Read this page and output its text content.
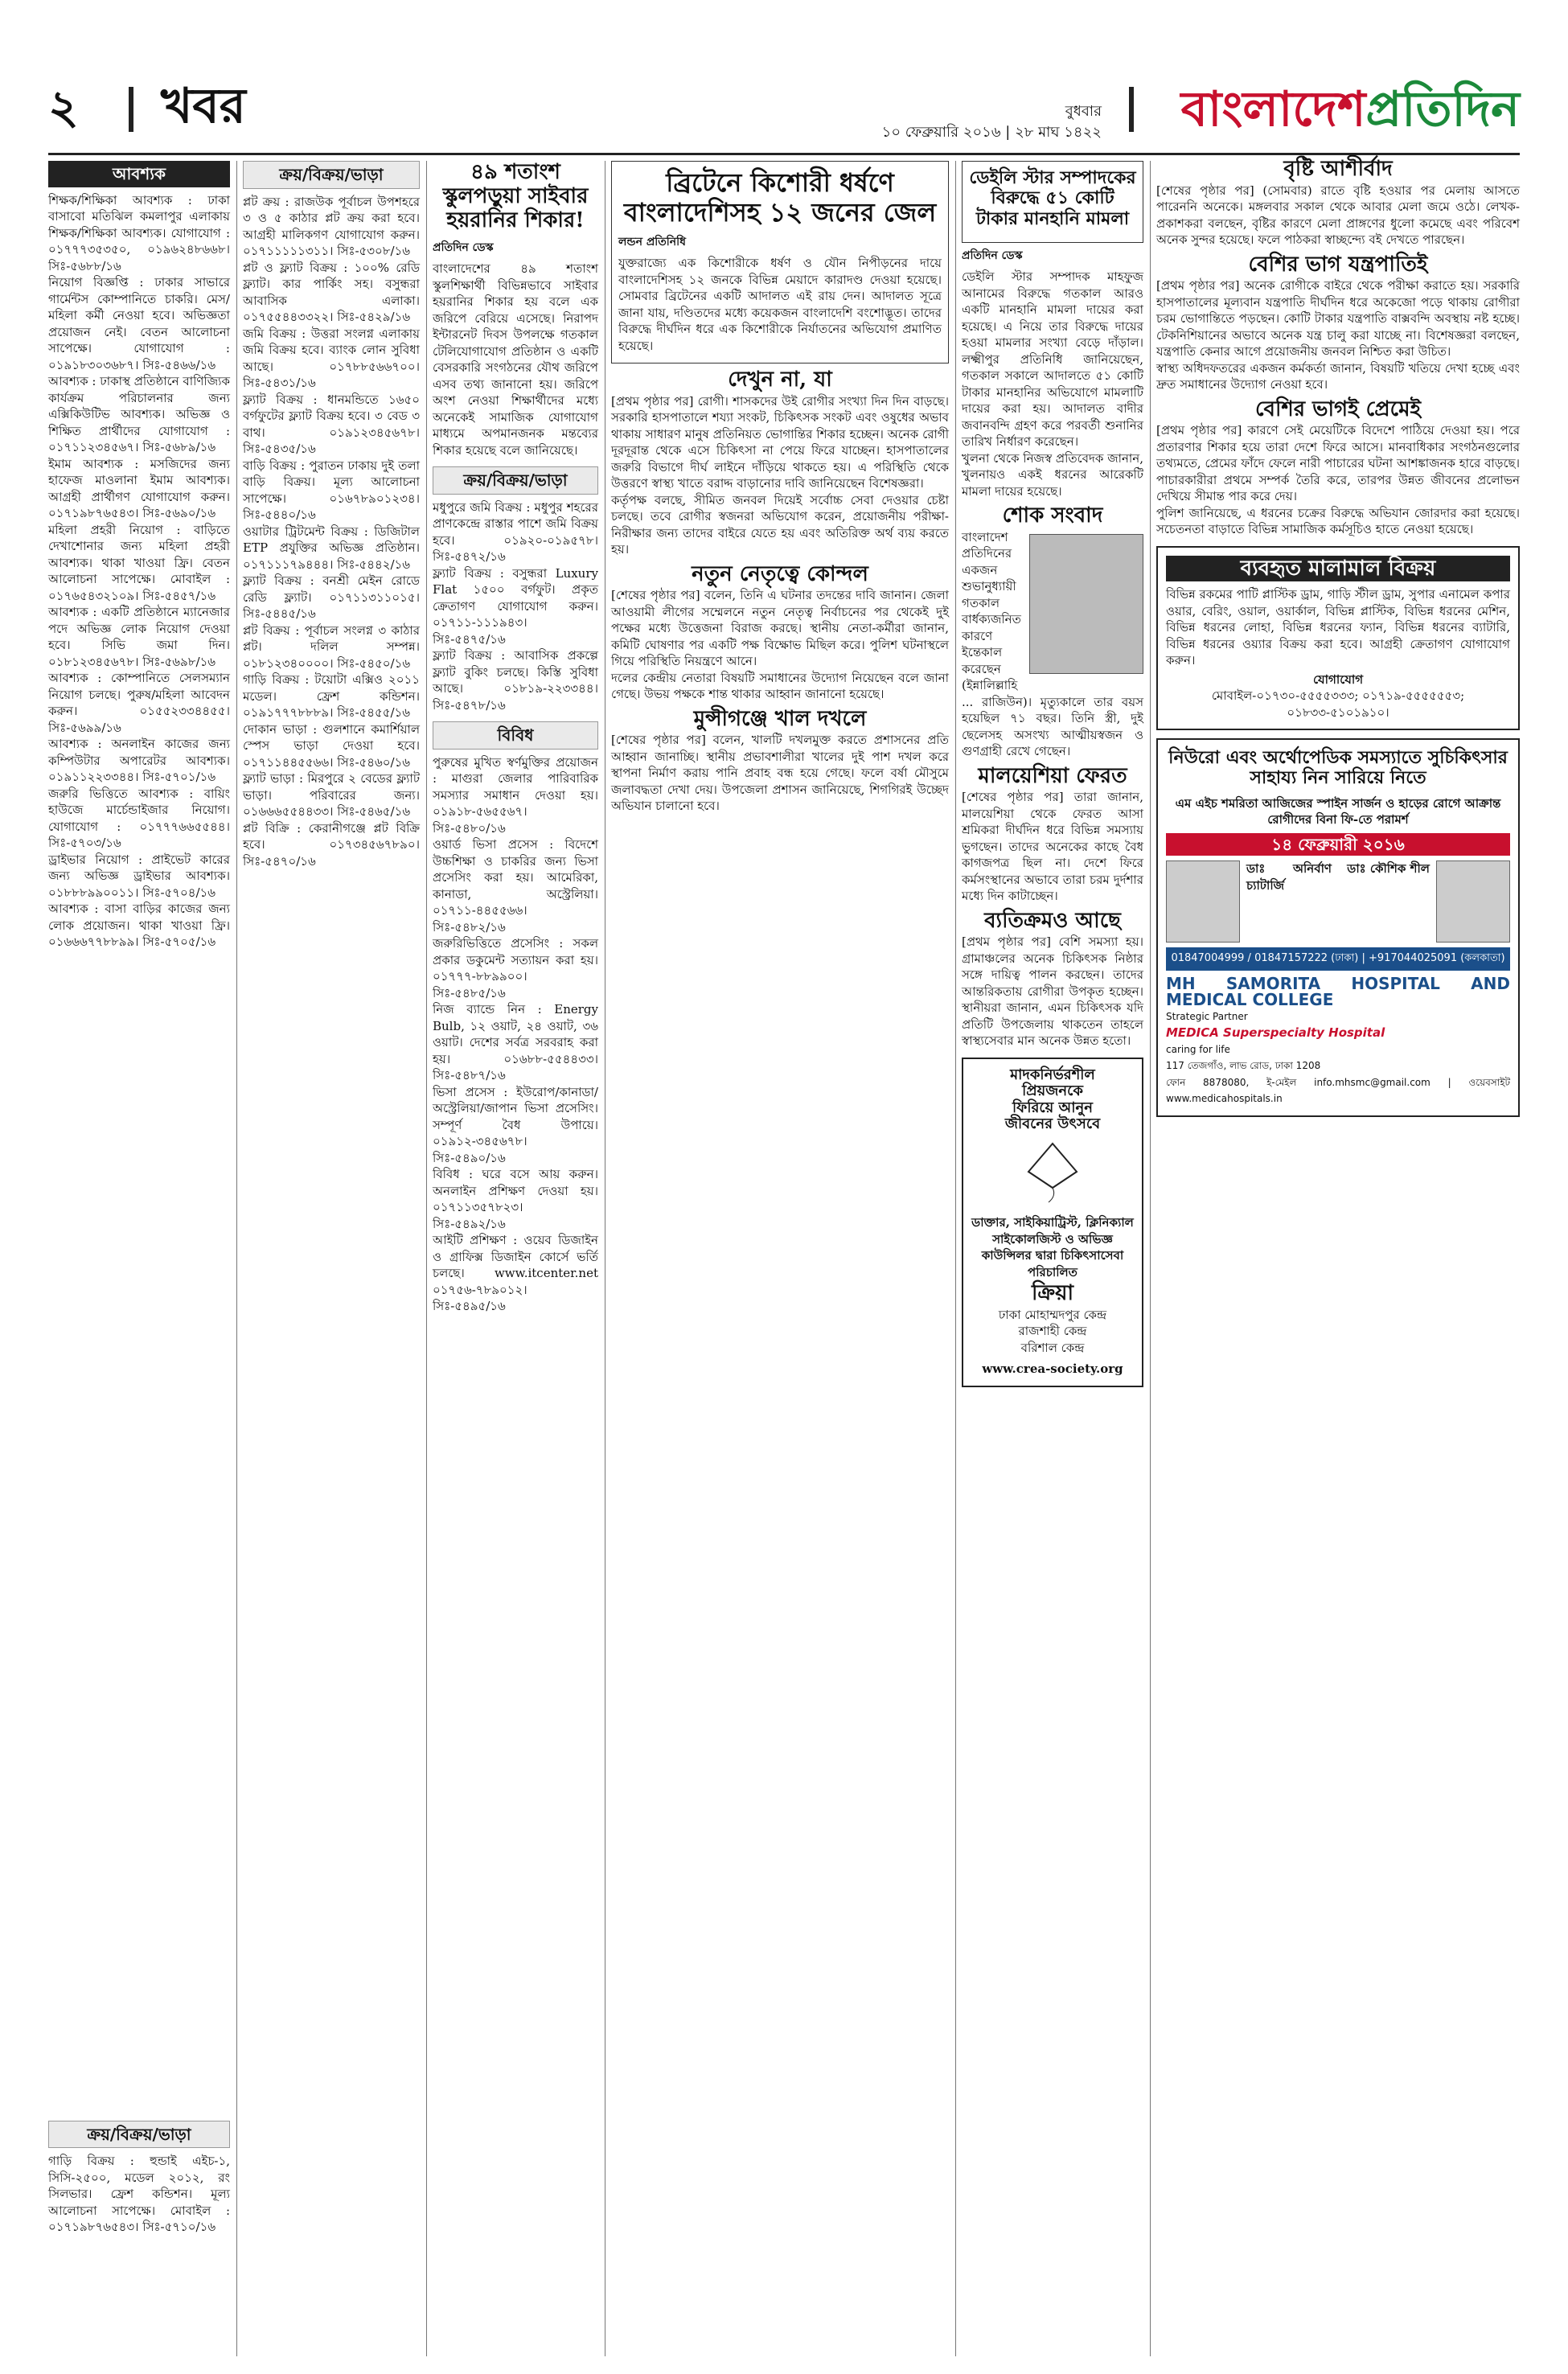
২ খবর	বুধবার
১০ ফেব্রুয়ারি ২০১৬ | ২৮ মাঘ ১৪২২ বাংলাদেশপ্রতিদিন
আবশ্যক
শিক্ষক/শিক্ষিকা আবশ্যক : ঢাকা বাসাবো মতিঝিল কমলাপুর এলাকায় শিক্ষক/শিক্ষিকা আবশ্যক। যোগাযোগ : ০১৭৭৭৩৫৩৫০, ০১৯৬২৪৮৬৬৮। সিঃ-৫৬৮৮/১৬
নিয়োগ বিজ্ঞপ্তি : ঢাকার সাভারে গার্মেন্টস কোম্পানিতে চাকরি। মেস/মহিলা কর্মী নেওয়া হবে। অভিজ্ঞতা প্রয়োজন নেই। বেতন আলোচনা সাপেক্ষে। যোগাযোগ : ০১৯১৮৩০৩৬৮৭। সিঃ-৫৪৬৬/১৬
আবশ্যক : ঢাকাস্থ প্রতিষ্ঠানে বাণিজ্যিক কার্যক্রম পরিচালনার জন্য এক্সিকিউটিভ আবশ্যক। অভিজ্ঞ ও শিক্ষিত প্রার্থীদের যোগাযোগ : ০১৭১১২৩৪৫৬৭। সিঃ-৫৬৮৯/১৬
ইমাম আবশ্যক : মসজিদের জন্য হাফেজ মাওলানা ইমাম আবশ্যক। আগ্রহী প্রার্থীগণ যোগাযোগ করুন। ০১৭১৯৮৭৬৫৪৩। সিঃ-৫৬৯০/১৬
মহিলা প্রহরী নিয়োগ : বাড়িতে দেখাশোনার জন্য মহিলা প্রহরী আবশ্যক। থাকা খাওয়া ফ্রি। বেতন আলোচনা সাপেক্ষে। মোবাইল : ০১৭৬৫৪৩২১০৯। সিঃ-৫৪৫৭/১৬
আবশ্যক : একটি প্রতিষ্ঠানে ম্যানেজার পদে অভিজ্ঞ লোক নিয়োগ দেওয়া হবে। সিভি জমা দিন। ০১৮১২৩৪৫৬৭৮। সিঃ-৫৬৯৮/১৬
আবশ্যক : কোম্পানিতে সেলসম্যান নিয়োগ চলছে। পুরুষ/মহিলা আবেদন করুন। ০১৫৫২৩৩৪৪৫৫। সিঃ-৫৬৯৯/১৬
আবশ্যক : অনলাইন কাজের জন্য কম্পিউটার অপারেটর আবশ্যক। ০১৯১১২২৩৩৪৪। সিঃ-৫৭০১/১৬
জরুরি ভিত্তিতে আবশ্যক : বায়িং হাউজে মার্চেন্ডাইজার নিয়োগ। যোগাযোগ : ০১৭৭৭৬৬৫৫৪৪। সিঃ-৫৭০৩/১৬
ড্রাইভার নিয়োগ : প্রাইভেট কারের জন্য অভিজ্ঞ ড্রাইভার আবশ্যক। ০১৮৮৮৯৯০০১১। সিঃ-৫৭০৪/১৬
আবশ্যক : বাসা বাড়ির কাজের জন্য লোক প্রয়োজন। থাকা খাওয়া ফ্রি। ০১৬৬৬৭৭৮৮৯৯। সিঃ-৫৭০৫/১৬
ক্রয়/বিক্রয়/ভাড়া
গাড়ি বিক্রয় : হুন্ডাই এইচ-১, সিসি-২৫০০, মডেল ২০১২, রং সিলভার। ফ্রেশ কন্ডিশন। মূল্য আলোচনা সাপেক্ষে। মোবাইল : ০১৭১৯৮৭৬৫৪৩। সিঃ-৫৭১০/১৬
ক্রয়/বিক্রয়/ভাড়া
প্লট ক্রয় : রাজউক পূর্বাচল উপশহরে ৩ ও ৫ কাঠার প্লট ক্রয় করা হবে। আগ্রহী মালিকগণ যোগাযোগ করুন। ০১৭১১১১১৩১১। সিঃ-৫৩০৮/১৬
প্লট ও ফ্ল্যাট বিক্রয় : ১০০% রেডি ফ্ল্যাট। কার পার্কিং সহ। বসুন্ধরা আবাসিক এলাকা। ০১৭৫৫৪৪৩৩২২। সিঃ-৫৪২৯/১৬
জমি বিক্রয় : উত্তরা সংলগ্ন এলাকায় জমি বিক্রয় হবে। ব্যাংক লোন সুবিধা আছে। ০১৭৮৮৫৬৬৭০০। সিঃ-৫৪৩১/১৬
ফ্ল্যাট বিক্রয় : ধানমন্ডিতে ১৬৫০ বর্গফুটের ফ্ল্যাট বিক্রয় হবে। ৩ বেড ৩ বাথ। ০১৯১২৩৪৫৬৭৮। সিঃ-৫৪৩৫/১৬
বাড়ি বিক্রয় : পুরাতন ঢাকায় দুই তলা বাড়ি বিক্রয়। মূল্য আলোচনা সাপেক্ষে। ০১৬৭৮৯০১২৩৪। সিঃ-৫৪৪০/১৬
ওয়াটার ট্রিটমেন্ট বিক্রয় : ডিজিটাল ETP প্রযুক্তির অভিজ্ঞ প্রতিষ্ঠান। ০১৭১১১৭৯৪৪৪। সিঃ-৫৪৪২/১৬
ফ্ল্যাট বিক্রয় : বনশ্রী মেইন রোডে রেডি ফ্ল্যাট। ০১৭১১৩১১০১৫। সিঃ-৫৪৪৫/১৬
প্লট বিক্রয় : পূর্বাচল সংলগ্ন ৩ কাঠার প্লট। দলিল সম্পন্ন। ০১৮১২৩৪০০০০। সিঃ-৫৪৫০/১৬
গাড়ি বিক্রয় : টয়োটা এক্সিও ২০১১ মডেল। ফ্রেশ কন্ডিশন। ০১৯১৭৭৭৮৮৮৯। সিঃ-৫৪৫৫/১৬
দোকান ভাড়া : গুলশানে কমার্শিয়াল স্পেস ভাড়া দেওয়া হবে। ০১৭১১৪৪৫৫৬৬। সিঃ-৫৪৬০/১৬
ফ্ল্যাট ভাড়া : মিরপুরে ২ বেডের ফ্ল্যাট ভাড়া। পরিবারের জন্য। ০১৬৬৬৫৫৪৪৩৩। সিঃ-৫৪৬৫/১৬
প্লট বিক্রি : কেরানীগঞ্জে প্লট বিক্রি হবে। ০১৭৩৪৫৬৭৮৯০। সিঃ-৫৪৭০/১৬
৪৯ শতাংশ স্কুলপড়ুয়া সাইবার হয়রানির শিকার!
প্রতিদিন ডেস্ক

বাংলাদেশের ৪৯ শতাংশ স্কুলশিক্ষার্থী বিভিন্নভাবে সাইবার হয়রানির শিকার হয় বলে এক জরিপে বেরিয়ে এসেছে। নিরাপদ ইন্টারনেট দিবস উপলক্ষে গতকাল টেলিযোগাযোগ প্রতিষ্ঠান ও একটি বেসরকারি সংগঠনের যৌথ জরিপে এসব তথ্য জানানো হয়। জরিপে অংশ নেওয়া শিক্ষার্থীদের মধ্যে অনেকেই সামাজিক যোগাযোগ মাধ্যমে অপমানজনক মন্তব্যের শিকার হয়েছে বলে জানিয়েছে।

ক্রয়/বিক্রয়/ভাড়া
মধুপুরে জমি বিক্রয় : মধুপুর শহরের প্রাণকেন্দ্রে রাস্তার পাশে জমি বিক্রয় হবে। ০১৯২০-০১৯৫৭৮। সিঃ-৫৪৭২/১৬
ফ্ল্যাট বিক্রয় : বসুন্ধরা Luxury Flat ১৫০০ বর্গফুট। প্রকৃত ক্রেতাগণ যোগাযোগ করুন। ০১৭১১-১১১৯৪৩। সিঃ-৫৪৭৫/১৬
ফ্ল্যাট বিক্রয় : আবাসিক প্রকল্পে ফ্ল্যাট বুকিং চলছে। কিস্তি সুবিধা আছে। ০১৮১৯-২২৩৩৪৪। সিঃ-৫৪৭৮/১৬
বিবিধ
পুরুষের মুখিত স্বর্ণমুক্তির প্রয়োজন : মাগুরা জেলার পারিবারিক সমস্যার সমাধান দেওয়া হয়। ০১৯১৮-৫৬৫৫৬৭। সিঃ-৫৪৮০/১৬
ওয়ার্ড ভিসা প্রসেস : বিদেশে উচ্চশিক্ষা ও চাকরির জন্য ভিসা প্রসেসিং করা হয়। আমেরিকা, কানাডা, অস্ট্রেলিয়া। ০১৭১১-৪৪৫৫৬৬। সিঃ-৫৪৮২/১৬
জরুরিভিত্তিতে প্রসেসিং : সকল প্রকার ডকুমেন্ট সত্যায়ন করা হয়। ০১৭৭৭-৮৮৯৯০০। সিঃ-৫৪৮৫/১৬
নিজ ব্যান্ডে নিন : Energy Bulb, ১২ ওয়াট, ২৪ ওয়াট, ৩৬ ওয়াট। দেশের সর্বত্র সরবরাহ করা হয়। ০১৬৮৮-৫৫৪৪৩৩। সিঃ-৫৪৮৭/১৬
ভিসা প্রসেস : ইউরোপ/কানাডা/অস্ট্রেলিয়া/জাপান ভিসা প্রসেসিং। সম্পূর্ণ বৈধ উপায়ে। ০১৯১২-৩৪৫৬৭৮। সিঃ-৫৪৯০/১৬
বিবিধ : ঘরে বসে আয় করুন। অনলাইন প্রশিক্ষণ দেওয়া হয়। ০১৭১১৩৫৭৮২৩। সিঃ-৫৪৯২/১৬
আইটি প্রশিক্ষণ : ওয়েব ডিজাইন ও গ্রাফিক্স ডিজাইন কোর্সে ভর্তি চলছে। www.itcenter.net ০১৭৫৬-৭৮৯০১২। সিঃ-৫৪৯৫/১৬
ব্রিটেনে কিশোরী ধর্ষণে বাংলাদেশিসহ ১২ জনের জেল
লন্ডন প্রতিনিধি

যুক্তরাজ্যে এক কিশোরীকে ধর্ষণ ও যৌন নিপীড়নের দায়ে বাংলাদেশিসহ ১২ জনকে বিভিন্ন মেয়াদে কারাদণ্ড দেওয়া হয়েছে। সোমবার ব্রিটেনের একটি আদালত এই রায় দেন। আদালত সূত্রে জানা যায়, দণ্ডিতদের মধ্যে কয়েকজন বাংলাদেশি বংশোদ্ভূত। তাদের বিরুদ্ধে দীর্ঘদিন ধরে এক কিশোরীকে নির্যাতনের অভিযোগ প্রমাণিত হয়েছে।

দেখুন না, যা

[প্রথম পৃষ্ঠার পর] রোগী। শাসকদের উই রোগীর সংখ্যা দিন দিন বাড়ছে। সরকারি হাসপাতালে শয্যা সংকট, চিকিৎসক সংকট এবং ওষুধের অভাব থাকায় সাধারণ মানুষ প্রতিনিয়ত ভোগান্তির শিকার হচ্ছেন। অনেক রোগী দূরদূরান্ত থেকে এসে চিকিৎসা না পেয়ে ফিরে যাচ্ছেন। হাসপাতালের জরুরি বিভাগে দীর্ঘ লাইনে দাঁড়িয়ে থাকতে হয়। এ পরিস্থিতি থেকে উত্তরণে স্বাস্থ্য খাতে বরাদ্দ বাড়ানোর দাবি জানিয়েছেন বিশেষজ্ঞরা।
কর্তৃপক্ষ বলছে, সীমিত জনবল দিয়েই সর্বোচ্চ সেবা দেওয়ার চেষ্টা চলছে। তবে রোগীর স্বজনরা অভিযোগ করেন, প্রয়োজনীয় পরীক্ষা-নিরীক্ষার জন্য তাদের বাইরে যেতে হয় এবং অতিরিক্ত অর্থ ব্যয় করতে হয়।

নতুন নেতৃত্বে কোন্দল

[শেষের পৃষ্ঠার পর] বলেন, তিনি এ ঘটনার তদন্তের দাবি জানান। জেলা আওয়ামী লীগের সম্মেলনে নতুন নেতৃত্ব নির্বাচনের পর থেকেই দুই পক্ষের মধ্যে উত্তেজনা বিরাজ করছে। স্থানীয় নেতা-কর্মীরা জানান, কমিটি ঘোষণার পর একটি পক্ষ বিক্ষোভ মিছিল করে। পুলিশ ঘটনাস্থলে গিয়ে পরিস্থিতি নিয়ন্ত্রণে আনে।
দলের কেন্দ্রীয় নেতারা বিষয়টি সমাধানের উদ্যোগ নিয়েছেন বলে জানা গেছে। উভয় পক্ষকে শান্ত থাকার আহ্বান জানানো হয়েছে।

মুন্সীগঞ্জে খাল দখলে

[শেষের পৃষ্ঠার পর] বলেন, খালটি দখলমুক্ত করতে প্রশাসনের প্রতি আহ্বান জানাচ্ছি। স্থানীয় প্রভাবশালীরা খালের দুই পাশ দখল করে স্থাপনা নির্মাণ করায় পানি প্রবাহ বন্ধ হয়ে গেছে। ফলে বর্ষা মৌসুমে জলাবদ্ধতা দেখা দেয়। উপজেলা প্রশাসন জানিয়েছে, শিগগিরই উচ্ছেদ অভিযান চালানো হবে।

ডেইলি স্টার সম্পাদকের বিরুদ্ধে ৫১ কোটি টাকার মানহানি মামলা
প্রতিদিন ডেস্ক

ডেইলি স্টার সম্পাদক মাহফুজ আনামের বিরুদ্ধে গতকাল আরও একটি মানহানি মামলা দায়ের করা হয়েছে। এ নিয়ে তার বিরুদ্ধে দায়ের হওয়া মামলার সংখ্যা বেড়ে দাঁড়াল। লক্ষ্মীপুর প্রতিনিধি জানিয়েছেন, গতকাল সকালে আদালতে ৫১ কোটি টাকার মানহানির অভিযোগে মামলাটি দায়ের করা হয়। আদালত বাদীর জবানবন্দি গ্রহণ করে পরবর্তী শুনানির তারিখ নির্ধারণ করেছেন।
খুলনা থেকে নিজস্ব প্রতিবেদক জানান, খুলনায়ও একই ধরনের আরেকটি মামলা দায়ের হয়েছে।

শোক সংবাদ

বাংলাদেশ প্রতিদিনের একজন শুভানুধ্যায়ী গতকাল বার্ধক্যজনিত কারণে ইন্তেকাল করেছেন (ইন্নালিল্লাহি ... রাজিউন)। মৃত্যুকালে তার বয়স হয়েছিল ৭১ বছর। তিনি স্ত্রী, দুই ছেলেসহ অসংখ্য আত্মীয়স্বজন ও গুণগ্রাহী রেখে গেছেন।

মালয়েশিয়া ফেরত

[শেষের পৃষ্ঠার পর] তারা জানান, মালয়েশিয়া থেকে ফেরত আসা শ্রমিকরা দীর্ঘদিন ধরে বিভিন্ন সমস্যায় ভুগছেন। তাদের অনেকের কাছে বৈধ কাগজপত্র ছিল না। দেশে ফিরে কর্মসংস্থানের অভাবে তারা চরম দুর্দশার মধ্যে দিন কাটাচ্ছেন।

ব্যতিক্রমও আছে

[প্রথম পৃষ্ঠার পর] বেশি সমস্যা হয়। গ্রামাঞ্চলের অনেক চিকিৎসক নিষ্ঠার সঙ্গে দায়িত্ব পালন করছেন। তাদের আন্তরিকতায় রোগীরা উপকৃত হচ্ছেন। স্থানীয়রা জানান, এমন চিকিৎসক যদি প্রতিটি উপজেলায় থাকতেন তাহলে স্বাস্থ্যসেবার মান অনেক উন্নত হতো।

মাদকনির্ভরশীল
প্রিয়জনকে
ফিরিয়ে আনুন
জীবনের উৎসবে
ডাক্তার, সাইকিয়াট্রিস্ট, ক্লিনিক্যাল সাইকোলজিস্ট ও অভিজ্ঞ কাউন্সিলর দ্বারা চিকিৎসাসেবা পরিচালিত
ক্রিয়া
ঢাকা মোহাম্মদপুর কেন্দ্র
রাজশাহী কেন্দ্র
বরিশাল কেন্দ্র
www.crea-society.org
বৃষ্টি আশীর্বাদ

[শেষের পৃষ্ঠার পর] (সোমবার) রাতে বৃষ্টি হওয়ার পর মেলায় আসতে পারেননি অনেকে। মঙ্গলবার সকাল থেকে আবার মেলা জমে ওঠে। লেখক-প্রকাশকরা বলছেন, বৃষ্টির কারণে মেলা প্রাঙ্গণের ধুলো কমেছে এবং পরিবেশ অনেক সুন্দর হয়েছে। ফলে পাঠকরা স্বাচ্ছন্দ্যে বই দেখতে পারছেন।

বেশির ভাগ যন্ত্রপাতিই

[প্রথম পৃষ্ঠার পর] অনেক রোগীকে বাইরে থেকে পরীক্ষা করাতে হয়। সরকারি হাসপাতালের মূল্যবান যন্ত্রপাতি দীর্ঘদিন ধরে অকেজো পড়ে থাকায় রোগীরা চরম ভোগান্তিতে পড়ছেন। কোটি টাকার যন্ত্রপাতি বাক্সবন্দি অবস্থায় নষ্ট হচ্ছে। টেকনিশিয়ানের অভাবে অনেক যন্ত্র চালু করা যাচ্ছে না। বিশেষজ্ঞরা বলছেন, যন্ত্রপাতি কেনার আগে প্রয়োজনীয় জনবল নিশ্চিত করা উচিত।
স্বাস্থ্য অধিদফতরের একজন কর্মকর্তা জানান, বিষয়টি খতিয়ে দেখা হচ্ছে এবং দ্রুত সমাধানের উদ্যোগ নেওয়া হবে।

বেশির ভাগই প্রেমেই

[প্রথম পৃষ্ঠার পর] কারণে সেই মেয়েটিকে বিদেশে পাঠিয়ে দেওয়া হয়। পরে প্রতারণার শিকার হয়ে তারা দেশে ফিরে আসে। মানবাধিকার সংগঠনগুলোর তথ্যমতে, প্রেমের ফাঁদে ফেলে নারী পাচারের ঘটনা আশঙ্কাজনক হারে বাড়ছে। পাচারকারীরা প্রথমে সম্পর্ক তৈরি করে, তারপর উন্নত জীবনের প্রলোভন দেখিয়ে সীমান্ত পার করে দেয়।
পুলিশ জানিয়েছে, এ ধরনের চক্রের বিরুদ্ধে অভিযান জোরদার করা হয়েছে। সচেতনতা বাড়াতে বিভিন্ন সামাজিক কর্মসূচিও হাতে নেওয়া হয়েছে।

ব্যবহৃত মালামাল বিক্রয়

বিভিন্ন রকমের পাটি প্লাস্টিক ড্রাম, গাড়ি স্টীল ড্রাম, সুপার এনামেল কপার ওয়ার, বেরিং, ওয়াল, ওয়ার্কাল, বিভিন্ন প্লাস্টিক, বিভিন্ন ধরনের মেশিন, বিভিন্ন ধরনের লোহা, বিভিন্ন ধরনের ফ্যান, বিভিন্ন ধরনের ব্যাটারি, বিভিন্ন ধরনের ওয়্যার বিক্রয় করা হবে। আগ্রহী ক্রেতাগণ যোগাযোগ করুন।

যোগাযোগ
মোবাইল-০১৭৩০-৫৫৫৫৩৩৩; ০১৭১৯-৫৫৫৫৫৫৩;
০১৮৩৩-৫১০১৯১০।
নিউরো এবং অর্থোপেডিক সমস্যাতে সুচিকিৎসার সাহায্য নিন সারিয়ে নিতে
এম এইচ শমরিতা আজিজের স্পাইন সার্জন ও হাড়ের রোগে আক্রান্ত রোগীদের বিনা ফি-তে পরামর্শ
১৪ ফেব্রুয়ারী ২০১৬
ডাঃ অনির্বাণ চ্যাটার্জি
ডাঃ কৌশিক শীল
01847004999 / 01847157222 (ঢাকা) | +917044025091 (কলকাতা)
MH SAMORITA HOSPITAL AND MEDICAL COLLEGE
Strategic Partner
MEDICA Superspecialty Hospital
caring for life
117 তেজগাঁও, লাভ রোড, ঢাকা 1208
ফোন 8878080, ই-মেইল info.mhsmc@gmail.com | ওয়েবসাইট www.medicahospitals.in
